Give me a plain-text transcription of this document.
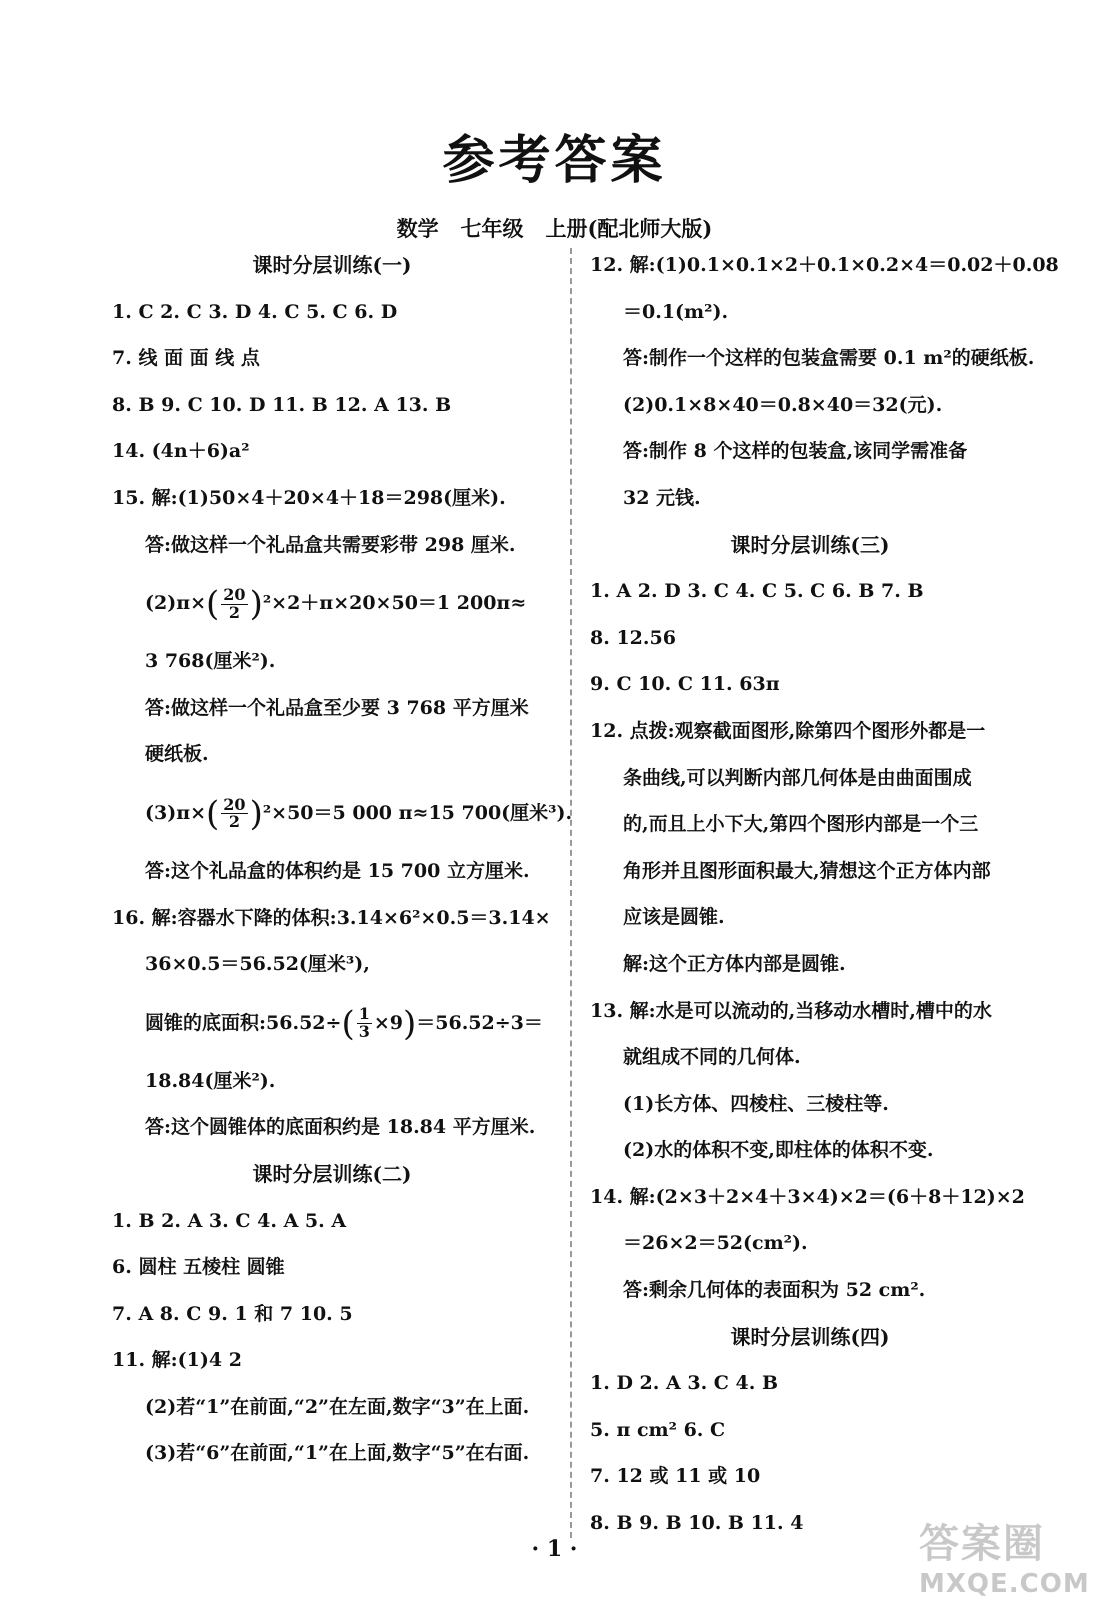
参考答案
数学   七年级   上册(配北师大版)
课时分层训练(一)
1. C 2. C 3. D 4. C 5. C 6. D
7. 线 面 面 线 点
8. B 9. C 10. D 11. B 12. A 13. B
14. (4n＋6)a²
15. 解:(1)50×4＋20×4＋18＝298(厘米).
答:做这样一个礼品盒共需要彩带 298 厘米.
$(2)\pi\times( \frac{20}{2} )^2\times 2+\pi\times 20\times 50=1$ 200π≈
3 768(厘米²).
答:做这样一个礼品盒至少要 3 768 平方厘米
硬纸板.
$(3)\pi\times( \frac{20}{2} )^2\times 50=5$ 000 π≈15 700(厘米³).
答:这个礼品盒的体积约是 15 700 立方厘米.
16. 解:容器水下降的体积:3.14×6²×0.5＝3.14×
36×0.5＝56.52(厘米³),
圆锥的底面积:56.52÷( $\frac{1}{3} \times 9)=56.52\div 3=$
18.84(厘米²).
答:这个圆锥体的底面积约是 18.84 平方厘米.
课时分层训练(二)
1. B 2. A 3. C 4. A 5. A
6. 圆柱 五棱柱 圆锥
7. A 8. C 9. 1 和 7 10. 5
11. 解:(1)4 2
(2)若“1”在前面,“2”在左面,数字“3”在上面.
(3)若“6”在前面,“1”在上面,数字“5”在右面.
12. 解:(1)0.1×0.1×2＋0.1×0.2×4＝0.02＋0.08
＝0.1(m²).
答:制作一个这样的包装盒需要 0.1 m²的硬纸板.
(2)0.1×8×40＝0.8×40＝32(元).
答:制作 8 个这样的包装盒,该同学需准备
32 元钱.
课时分层训练(三)
1. A 2. D 3. C 4. C 5. C 6. B 7. B
8. 12.56
9. C 10. C 11. 63π
12. 点拨:观察截面图形,除第四个图形外都是一
条曲线,可以判断内部几何体是由曲面围成
的,而且上小下大,第四个图形内部是一个三
角形并且图形面积最大,猜想这个正方体内部
应该是圆锥.
解:这个正方体内部是圆锥.
13. 解:水是可以流动的,当移动水槽时,槽中的水
就组成不同的几何体.
(1)长方体、四棱柱、三棱柱等.
(2)水的体积不变,即柱体的体积不变.
14. 解:(2×3＋2×4＋3×4)×2＝(6＋8＋12)×2
＝26×2＝52(cm²).
答:剩余几何体的表面积为 52 cm².
课时分层训练(四)
1. D 2. A 3. C 4. B
5. π cm² 6. C
7. 12 或 11 或 10
8. B 9. B 10. B 11. 4
· 1 ·	答案圈
MXQE.COM
